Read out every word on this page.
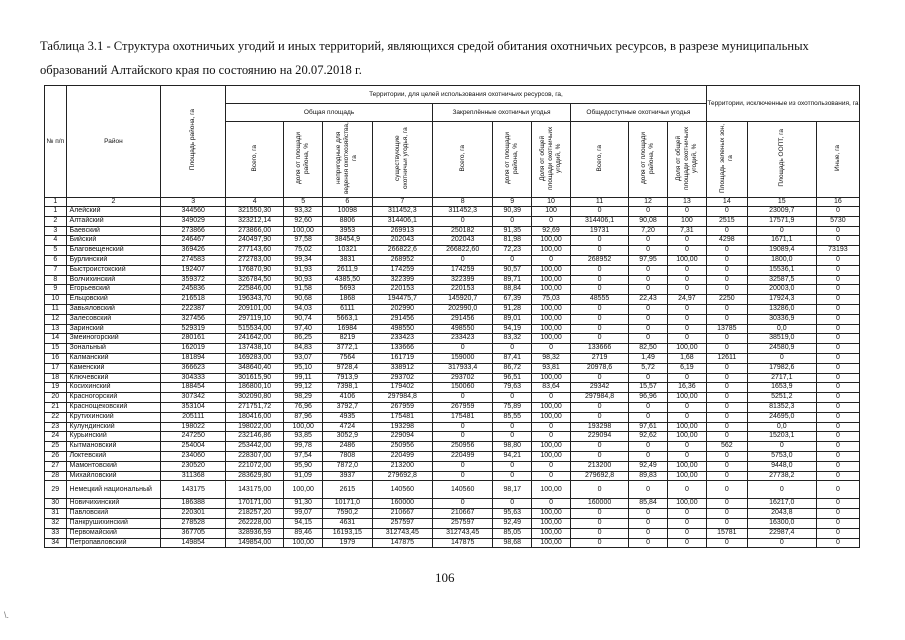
Таблица 3.1 - Структура охотничьих угодий и иных территорий, являющихся средой обитания охотничьих ресурсов, в разрезе муниципальных
образований Алтайского края по состоянию на 20.07.2018 г.
№ п/п	Район	Площадь района, га	Территории, для целей использования охотничьих ресурсов, га,										Территории, исключенные из охотпользования, га		
			Общая площадь				Закреплённые охотничьи угодья			Общедоступные охотничьи угодья					
			Всего, га	доля от площади района, %	непригодные для ведения охотхозяйства, га	существующие охотничьи угодья, га	Всего, га	доля от площади района, %	Доля от общей площади охотничьих угодий, %	Всего, га	доля от площади района, %	Доля от общей площади охотничьих угодий, %	Площадь зеленых зон, га	Площадь ООПТ, га	Иные, га
1	2	3	4	5	6	7	8	9	10	11	12	13	14	15	16
1	Алейский	344560	321550,30	93,32	10098	311452,3	311452,3	90,39	100	0	0	0	0	23009,7	0
2	Алтайский	349029	323212,14	92,60	8806	314406,1	0	0	0	314406,1	90,08	100	2515	17571,9	5730
3	Баевский	273866	273866,00	100,00	3953	269913	250182	91,35	92,69	19731	7,20	7,31	0	0	0
4	Бийский	246467	240497,90	97,58	38454,9	202043	202043	81,98	100,00	0	0	0	4298	1671,1	0
5	Благовещенский	369426	277143,60	75,02	10321	266822,6	266822,60	72,23	100,00	0	0	0	0	19089,4	73193
6	Бурлинский	274583	272783,00	99,34	3831	268952	0	0	0	268952	97,95	100,00	0	1800,0	0
7	Быстроистокский	192407	176870,90	91,93	2611,9	174259	174259	90,57	100,00	0	0	0	0	15536,1	0
8	Волчихинский	359372	326784,50	90,93	4385,50	322399	322399	89,71	100,00	0	0	0	0	32587,5	0
9	Егорьевский	245836	225846,00	91,58	5693	220153	220153	88,84	100,00	0	0	0	0	20003,0	0
10	Ельцовский	216518	196343,70	90,68	1868	194475,7	145920,7	67,39	75,03	48555	22,43	24,97	2250	17924,3	0
11	Завьяловский	222387	209101,00	94,03	6111	202990	202990,0	91,28	100,00	0	0	0	0	13286,0	0
12	Залесовский	327456	297119,10	90,74	5663,1	291456	291456	89,01	100,00	0	0	0	0	30336,9	0
13	Заринский	529319	515534,00	97,40	16984	498550	498550	94,19	100,00	0	0	0	13785	0,0	0
14	Змеиногорский	280161	241642,00	86,25	8219	233423	233423	83,32	100,00	0	0	0	0	38519,0	0
15	Зональный	162019	137438,10	84,83	3772,1	133666	0	0	0	133666	82,50	100,00	0	24580,9	0
16	Калманский	181894	169283,00	93,07	7564	161719	159000	87,41	98,32	2719	1,49	1,68	12611	0	0
17	Каменский	366623	348640,40	95,10	9728,4	338912	317933,4	86,72	93,81	20978,6	5,72	6,19	0	17982,6	0
18	Ключевский	304333	301615,90	99,11	7913,9	293702	293702	96,51	100,00	0	0	0	0	2717,1	0
19	Косихинский	188454	186800,10	99,12	7398,1	179402	150060	79,63	83,64	29342	15,57	16,36	0	1653,9	0
20	Красногорский	307342	302090,80	98,29	4106	297984,8	0	0	0	297984,8	96,96	100,00	0	5251,2	0
21	Краснощековский	353104	271751,72	76,96	3792,7	267959	267959	75,89	100,00	0	0	0	0	81352,3	0
22	Крутихинский	205111	180416,00	87,96	4935	175481	175481	85,55	100,00	0	0	0	0	24695,0	0
23	Кулундинский	198022	198022,00	100,00	4724	193298	0	0	0	193298	97,61	100,00	0	0,0	0
24	Курьинский	247250	232146,86	93,85	3052,9	229094	0	0	0	229094	92,62	100,00	0	15203,1	0
25	Кытмановский	254004	253442,00	99,78	2486	250956	250956	98,80	100,00	0	0	0	562	0	0
26	Локтевский	234060	228307,00	97,54	7808	220499	220499	94,21	100,00	0	0	0	0	5753,0	0
27	Мамонтовский	230520	221072,00	95,90	7872,0	213200	0	0	0	213200	92,49	100,00	0	9448,0	0
28	Михайловский	311368	283629,80	91,09	3937	279692,8	0	0	0	279692,8	89,83	100,00	0	27738,2	0
29	Немецкий национальный	143175	143175,00	100,00	2615	140560	140560	98,17	100,00	0	0	0	0	0	0
30	Новичихинский	186388	170171,00	91,30	10171,0	160000	0	0	0	160000	85,84	100,00	0	16217,0	0
31	Павловский	220301	218257,20	99,07	7590,2	210667	210667	95,63	100,00	0	0	0	0	2043,8	0
32	Панкрушихинский	278528	262228,00	94,15	4631	257597	257597	92,49	100,00	0	0	0	0	16300,0	0
33	Первомайский	367705	328936,59	89,46	16193,15	312743,45	312743,45	85,05	100,00	0	0	0	15781	22987,4	0
34	Петропавловский	149854	149854,00	100,00	1979	147875	147875	98,68	100,00	0	0	0	0	0	0
106
\.
